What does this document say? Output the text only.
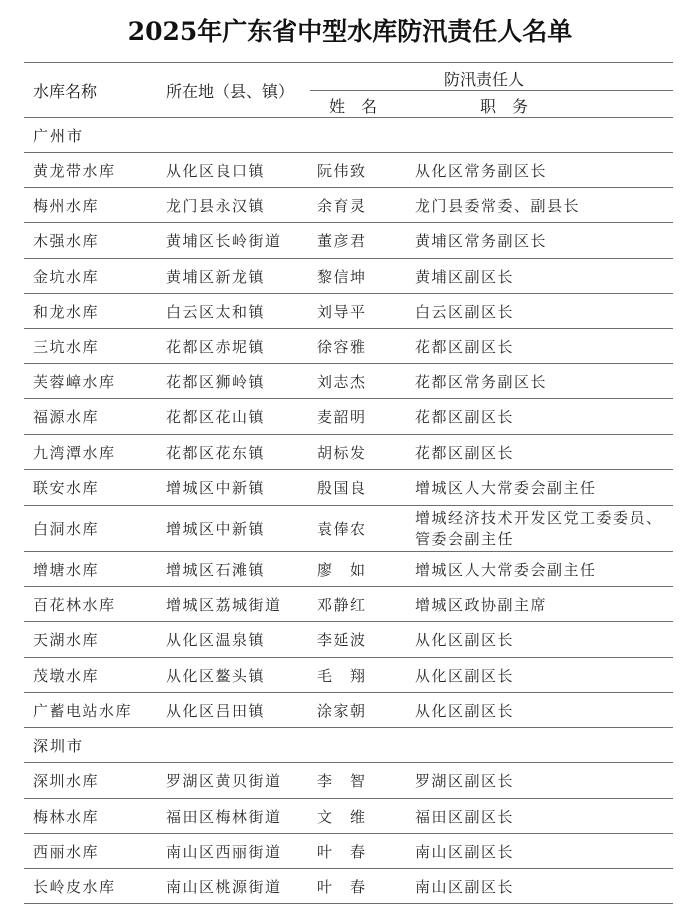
2025年广东省中型水库防汛责任人名单
水库名称	所在地（县、镇）
防汛责任人
姓　名	职　务
广州市
黄龙带水库	从化区良口镇	阮伟致	从化区常务副区长
梅州水库	龙门县永汉镇	余育灵	龙门县委常委、副县长
木强水库	黄埔区长岭街道 董彦君	黄埔区常务副区长
金坑水库	黄埔区新龙镇	黎信坤	黄埔区副区长
和龙水库	白云区太和镇	刘导平	白云区副区长
三坑水库	花都区赤坭镇	徐容雅	花都区副区长
芙蓉嶂水库	花都区狮岭镇	刘志杰	花都区常务副区长
福源水库	花都区花山镇	麦韶明	花都区副区长
九湾潭水库	花都区花东镇	胡标发	花都区副区长
联安水库	增城区中新镇	殷国良	增城区人大常委会副主任
白洞水库	增城区中新镇	袁俸农
增城经济技术开发区党工委委员、管委会副主任
增塘水库	增城区石滩镇	廖　如	增城区人大常委会副主任
百花林水库	增城区荔城街道 邓静红	增城区政协副主席
天湖水库	从化区温泉镇	李延波	从化区副区长
茂墩水库	从化区鳌头镇	毛　翔	从化区副区长
广蓄电站水库 从化区吕田镇	涂家朝	从化区副区长
深圳市
深圳水库	罗湖区黄贝街道 李　智	罗湖区副区长
梅林水库	福田区梅林街道 文　维	福田区副区长
西丽水库	南山区西丽街道 叶　春	南山区副区长
长岭皮水库	南山区桃源街道 叶　春	南山区副区长
